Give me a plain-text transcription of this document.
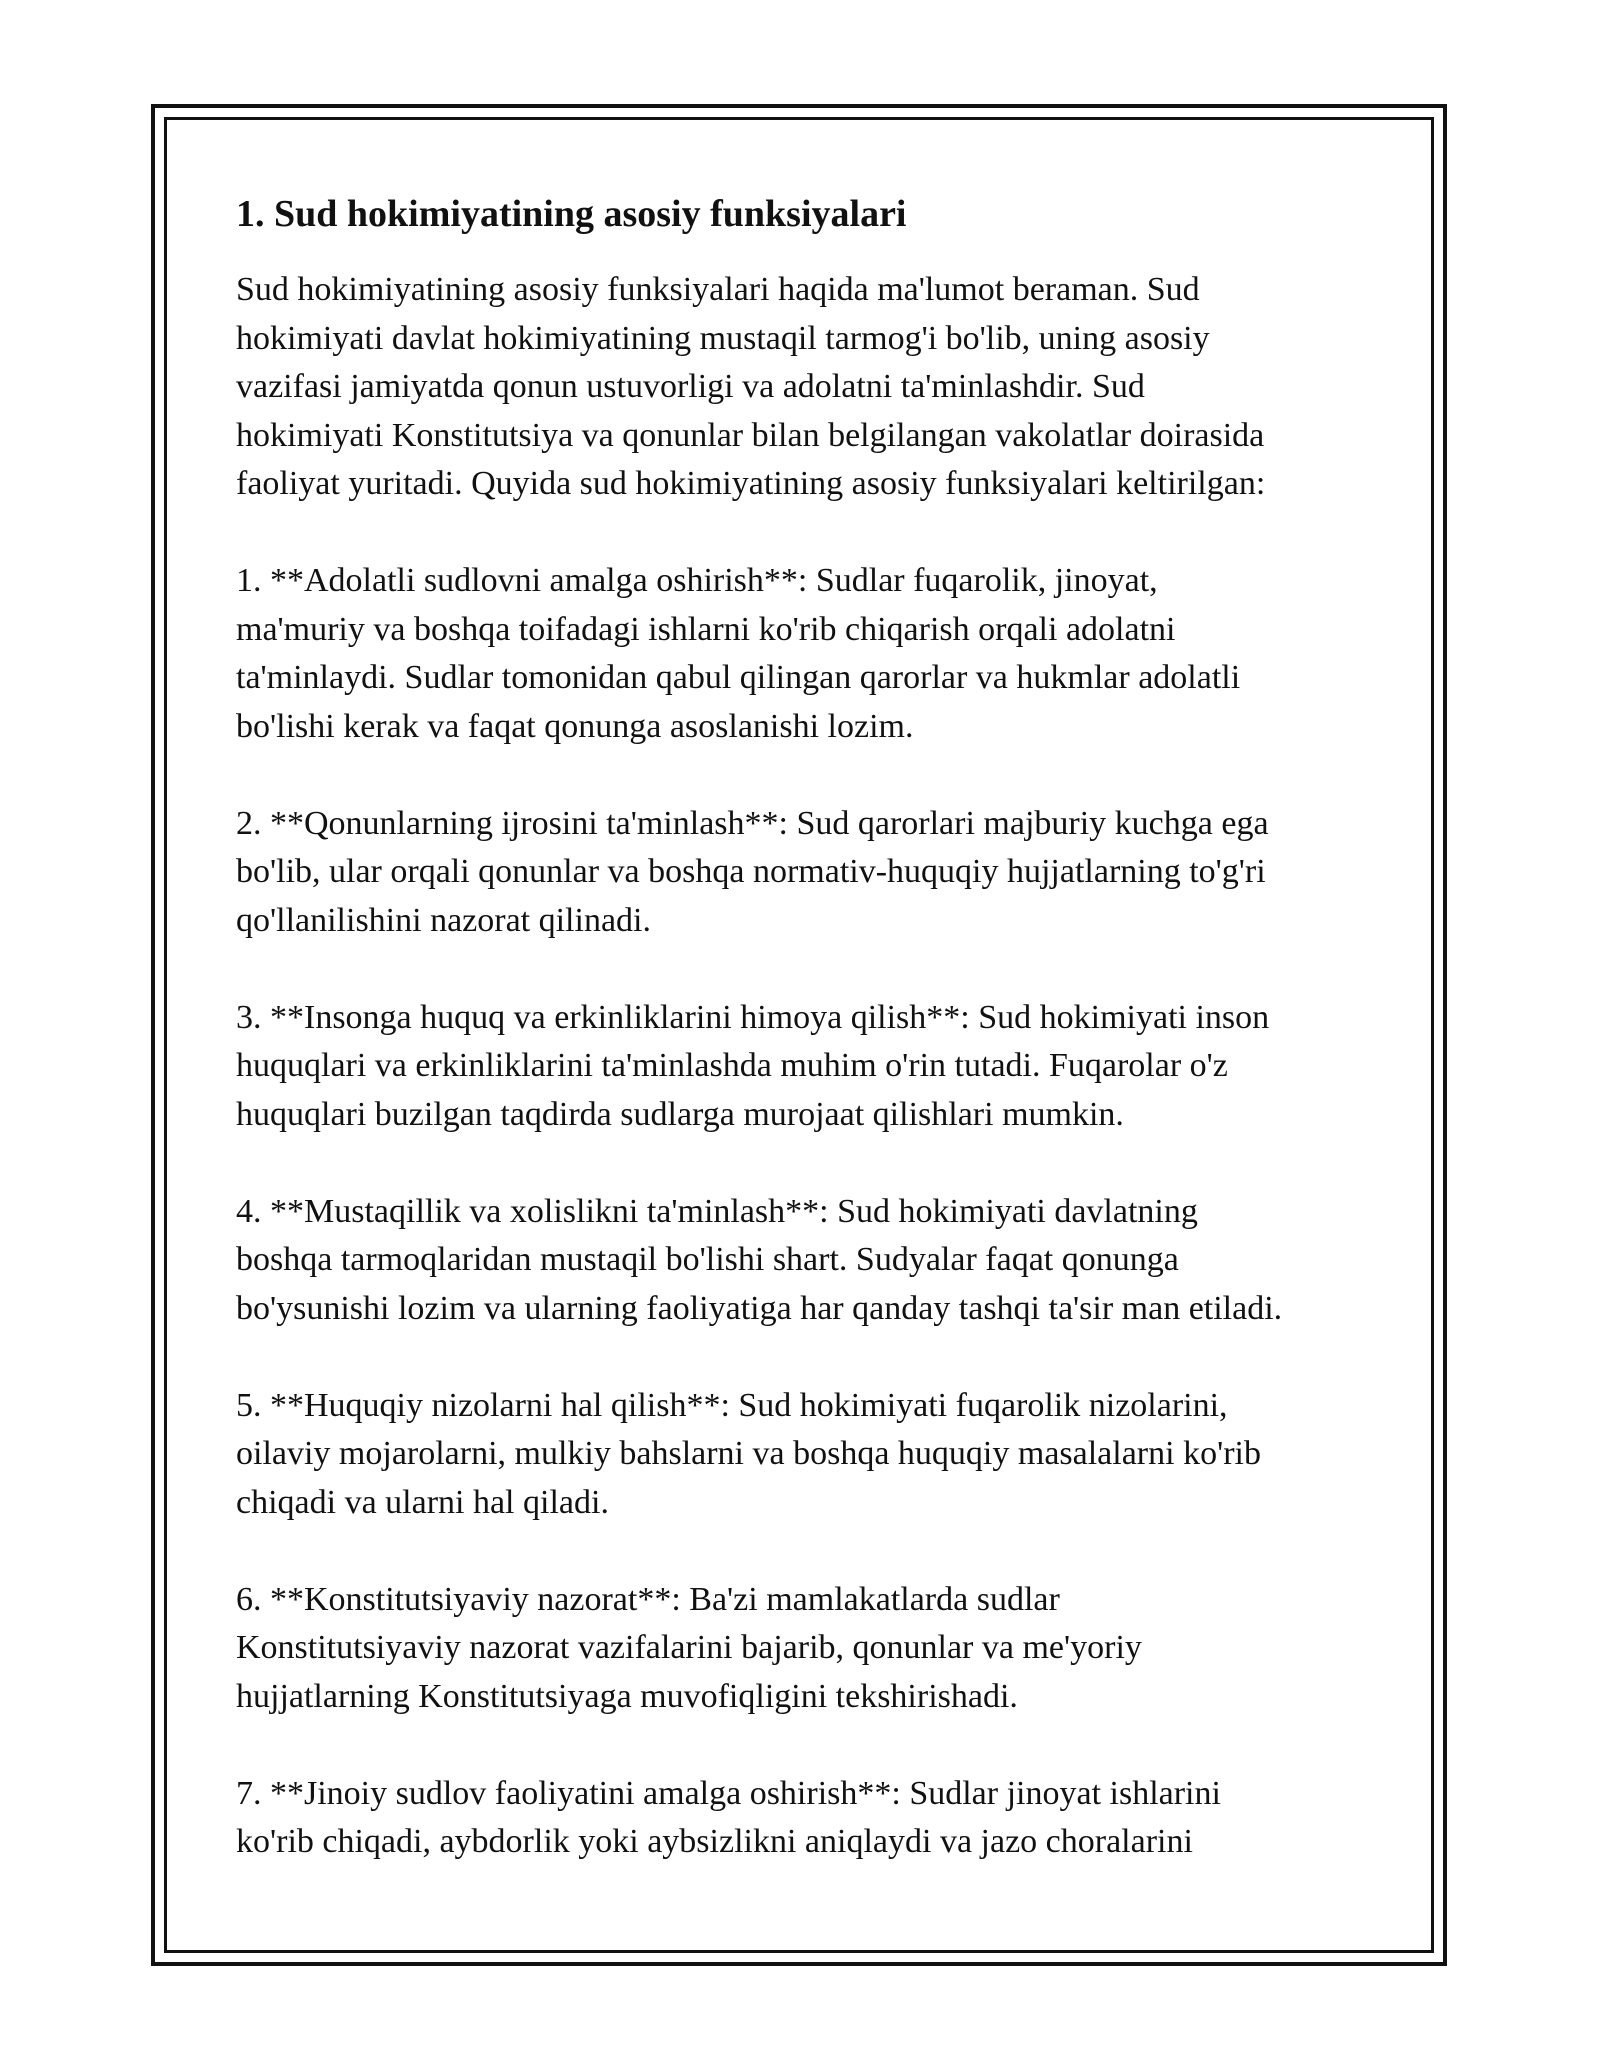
1. Sud hokimiyatining asosiy funksiyalari

Sud hokimiyatining asosiy funksiyalari haqida ma'lumot beraman. Sud
hokimiyati davlat hokimiyatining mustaqil tarmog'i bo'lib, uning asosiy
vazifasi jamiyatda qonun ustuvorligi va adolatni ta'minlashdir. Sud
hokimiyati Konstitutsiya va qonunlar bilan belgilangan vakolatlar doirasida
faoliyat yuritadi. Quyida sud hokimiyatining asosiy funksiyalari keltirilgan:

1. **Adolatli sudlovni amalga oshirish**: Sudlar fuqarolik, jinoyat,
ma'muriy va boshqa toifadagi ishlarni ko'rib chiqarish orqali adolatni
ta'minlaydi. Sudlar tomonidan qabul qilingan qarorlar va hukmlar adolatli
bo'lishi kerak va faqat qonunga asoslanishi lozim.

2. **Qonunlarning ijrosini ta'minlash**: Sud qarorlari majburiy kuchga ega
bo'lib, ular orqali qonunlar va boshqa normativ-huquqiy hujjatlarning to'g'ri
qo'llanilishini nazorat qilinadi.

3. **Insonga huquq va erkinliklarini himoya qilish**: Sud hokimiyati inson
huquqlari va erkinliklarini ta'minlashda muhim o'rin tutadi. Fuqarolar o'z
huquqlari buzilgan taqdirda sudlarga murojaat qilishlari mumkin.

4. **Mustaqillik va xolislikni ta'minlash**: Sud hokimiyati davlatning
boshqa tarmoqlaridan mustaqil bo'lishi shart. Sudyalar faqat qonunga
bo'ysunishi lozim va ularning faoliyatiga har qanday tashqi ta'sir man etiladi.

5. **Huquqiy nizolarni hal qilish**: Sud hokimiyati fuqarolik nizolarini,
oilaviy mojarolarni, mulkiy bahslarni va boshqa huquqiy masalalarni ko'rib
chiqadi va ularni hal qiladi.

6. **Konstitutsiyaviy nazorat**: Ba'zi mamlakatlarda sudlar
Konstitutsiyaviy nazorat vazifalarini bajarib, qonunlar va me'yoriy
hujjatlarning Konstitutsiyaga muvofiqligini tekshirishadi.

7. **Jinoiy sudlov faoliyatini amalga oshirish**: Sudlar jinoyat ishlarini
ko'rib chiqadi, aybdorlik yoki aybsizlikni aniqlaydi va jazo choralarini
